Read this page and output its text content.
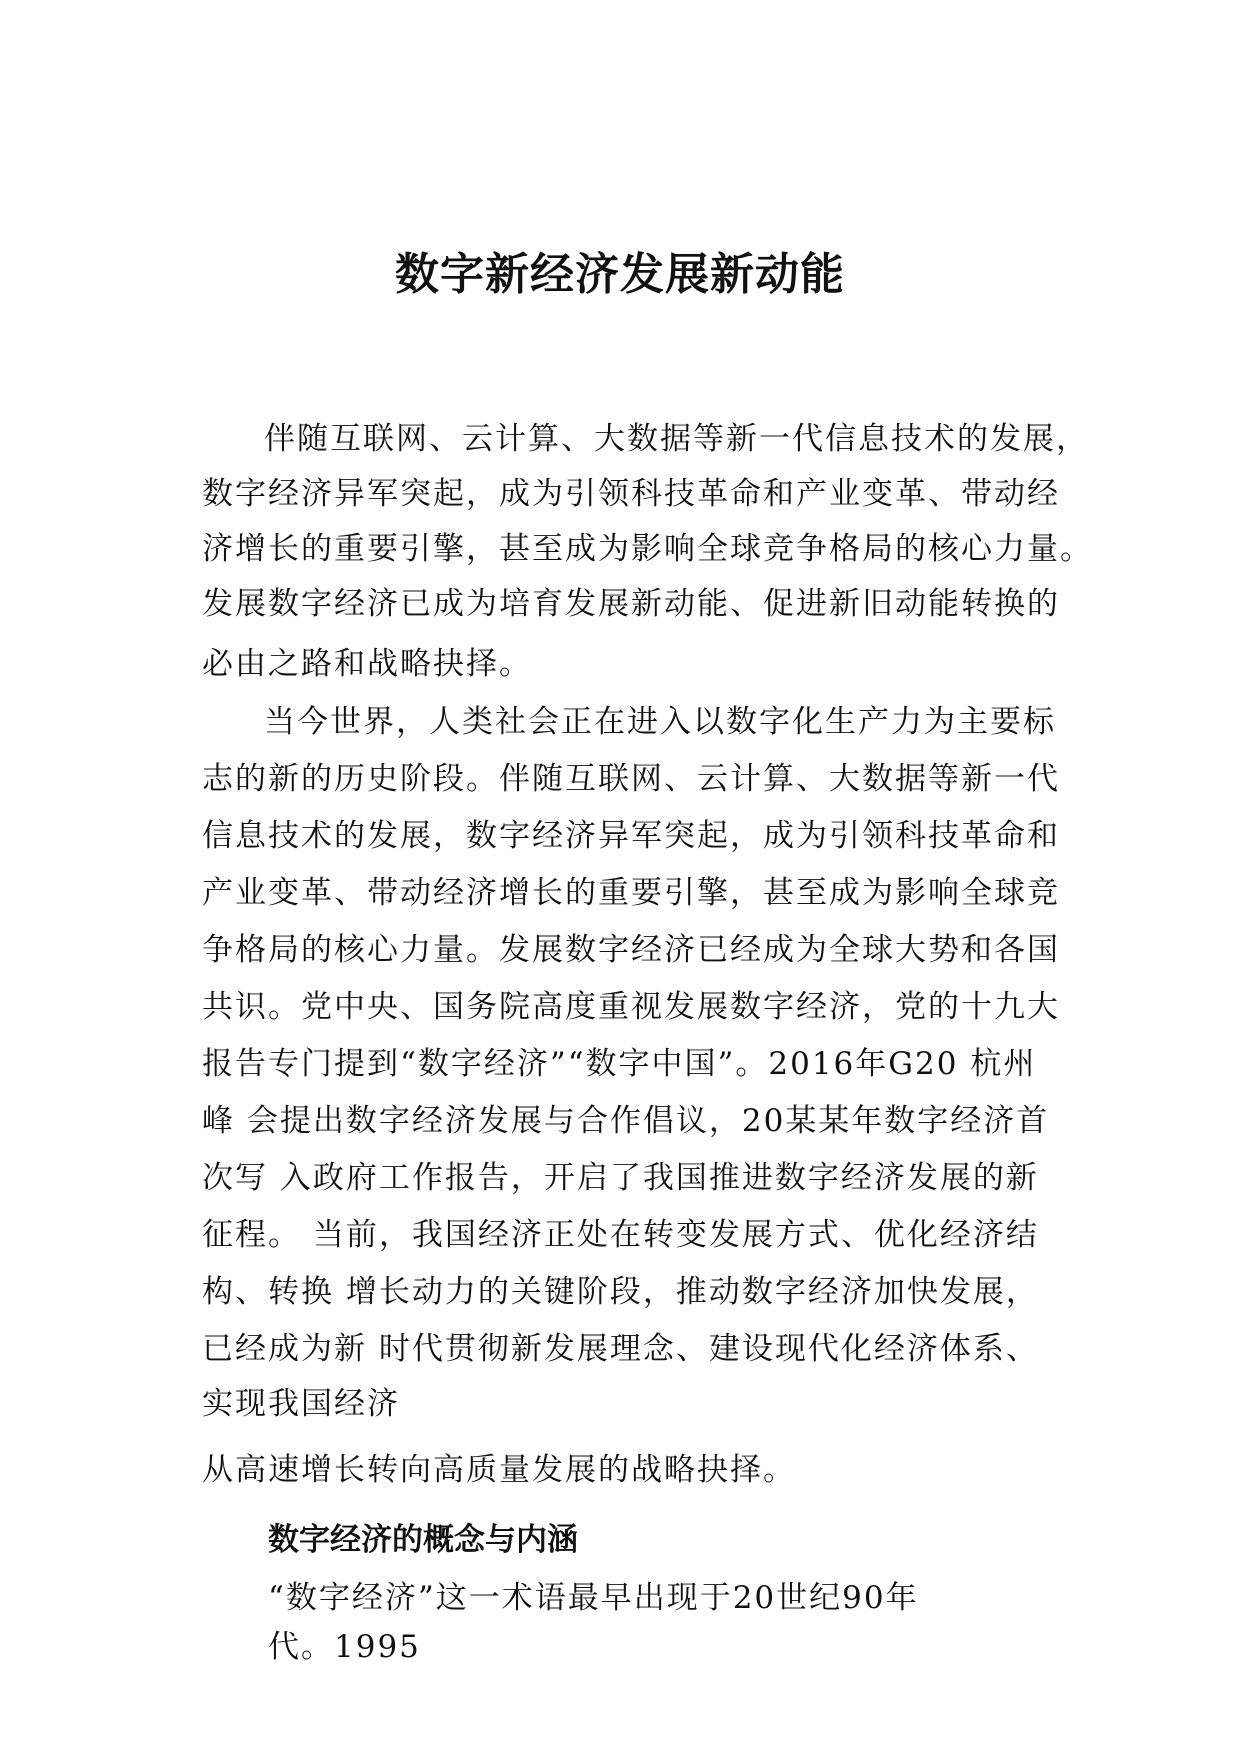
数字新经济发展新动能

伴随互联网、云计算、大数据等新一代信息技术的发展，

数字经济异军突起，成为引领科技革命和产业变革、带动经

济增长的重要引擎，甚至成为影响全球竞争格局的核心力量。

发展数字经济已成为培育发展新动能、促进新旧动能转换的

必由之路和战略抉择。

当今世界，人类社会正在进入以数字化生产力为主要标

志的新的历史阶段。伴随互联网、云计算、大数据等新一代

信息技术的发展，数字经济异军突起，成为引领科技革命和

产业变革、带动经济增长的重要引擎，甚至成为影响全球竞

争格局的核心力量。发展数字经济已经成为全球大势和各国

共识。党中央、国务院高度重视发展数字经济，党的十九大

报告专门提到“数字经济”“数字中国”。2016年G20 杭州

峰 会提出数字经济发展与合作倡议，20某某年数字经济首

次写 入政府工作报告，开启了我国推进数字经济发展的新

征程。 当前，我国经济正处在转变发展方式、优化经济结

构、转换 增长动力的关键阶段，推动数字经济加快发展，

已经成为新 时代贯彻新发展理念、建设现代化经济体系、

实现我国经济

从高速增长转向高质量发展的战略抉择。

数字经济的概念与内涵

“数字经济”这一术语最早出现于20世纪90年

代。1995
